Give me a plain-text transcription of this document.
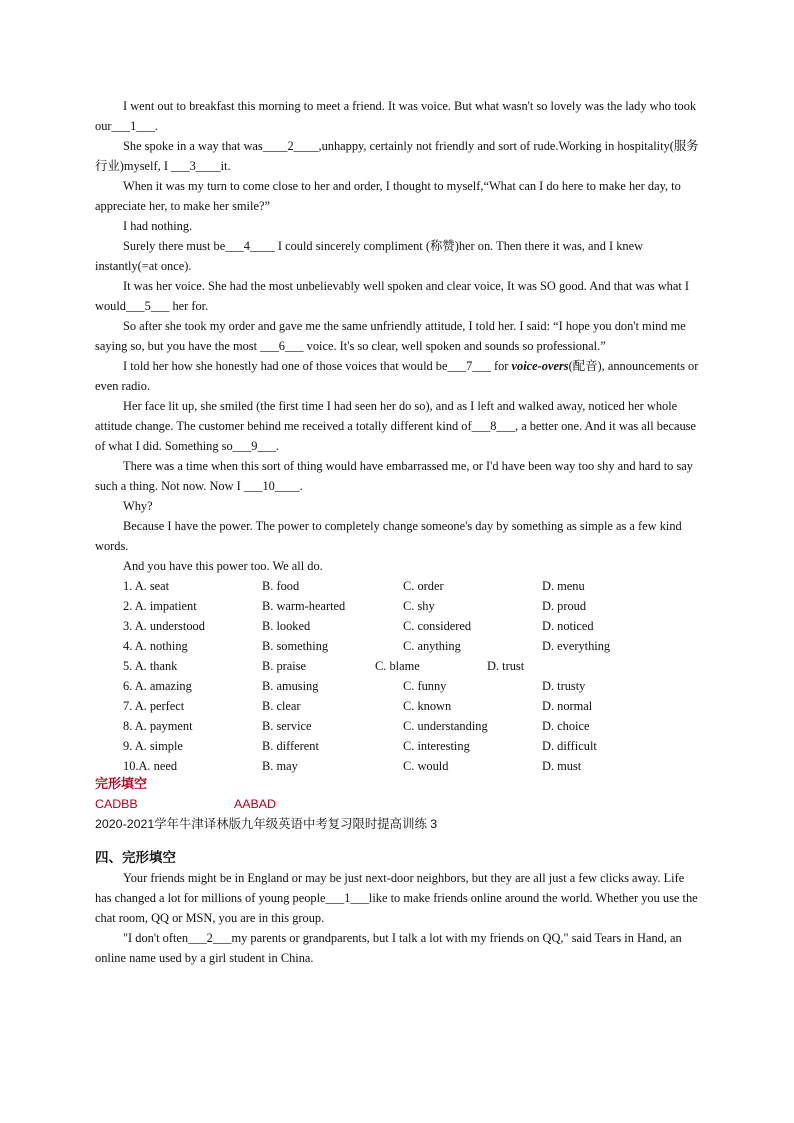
I went out to breakfast this morning to meet a friend. It was voice. But what wasn't so lovely was the lady who took our___1___.

She spoke in a way that was____2____,unhappy, certainly not friendly and sort of rude.Working in hospitality(服务行业)myself, I ___3____it.

When it was my turn to come close to her and order, I thought to myself,“What can I do here to make her day, to appreciate her, to make her smile?”

I had nothing.

Surely there must be___4____ I could sincerely compliment (称赞)her on. Then there it was, and I knew instantly(=at once).

It was her voice. She had the most unbelievably well spoken and clear voice, It was SO good. And that was what I would___5___ her for.

So after she took my order and gave me the same unfriendly attitude, I told her. I said: “I hope you don't mind me saying so, but you have the most ___6___ voice. It's so clear, well spoken and sounds so professional.”

I told her how she honestly had one of those voices that would be___7___ for voice-overs(配音), announcements or even radio.

Her face lit up, she smiled (the first time I had seen her do so), and as I left and walked away, noticed her whole attitude change. The customer behind me received a totally different kind of___8___, a better one. And it was all because of what I did. Something so___9___.

There was a time when this sort of thing would have embarrassed me, or I'd have been way too shy and hard to say such a thing. Not now. Now I ___10____.

Why?

Because I have the power. The power to completely change someone's day by something as simple as a few kind words.

And you have this power too. We all do.

1. A. seat	B. food	C. order	D. menu
2. A. impatient	B. warm-hearted	C. shy	D. proud
3. A. understood	B. looked	C. considered	D. noticed
4. A. nothing	B. something	C. anything	D. everything
5. A. thank	B. praise	C. blame	D. trust
6. A. amazing	B. amusing	C. funny	D. trusty
7. A. perfect	B. clear	C. known	D. normal
8. A. payment	B. service	C. understanding	D. choice
9. A. simple	B. different	C. interesting	D. difficult
10.A. need	B. may	C. would	D. must
完形填空
CADBB	AABAD
2020-2021学年牛津译林版九年级英语中考复习限时提高训练 3
四、完形填空

Your friends might be in England or may be just next-door neighbors, but they are all just a few clicks away. Life has changed a lot for millions of young people___1___like to make friends online around the world. Whether you use the chat room, QQ or MSN, you are in this group.

"I don't often___2___my parents or grandparents, but I talk a lot with my friends on QQ," said Tears in Hand, an online name used by a girl student in China.
